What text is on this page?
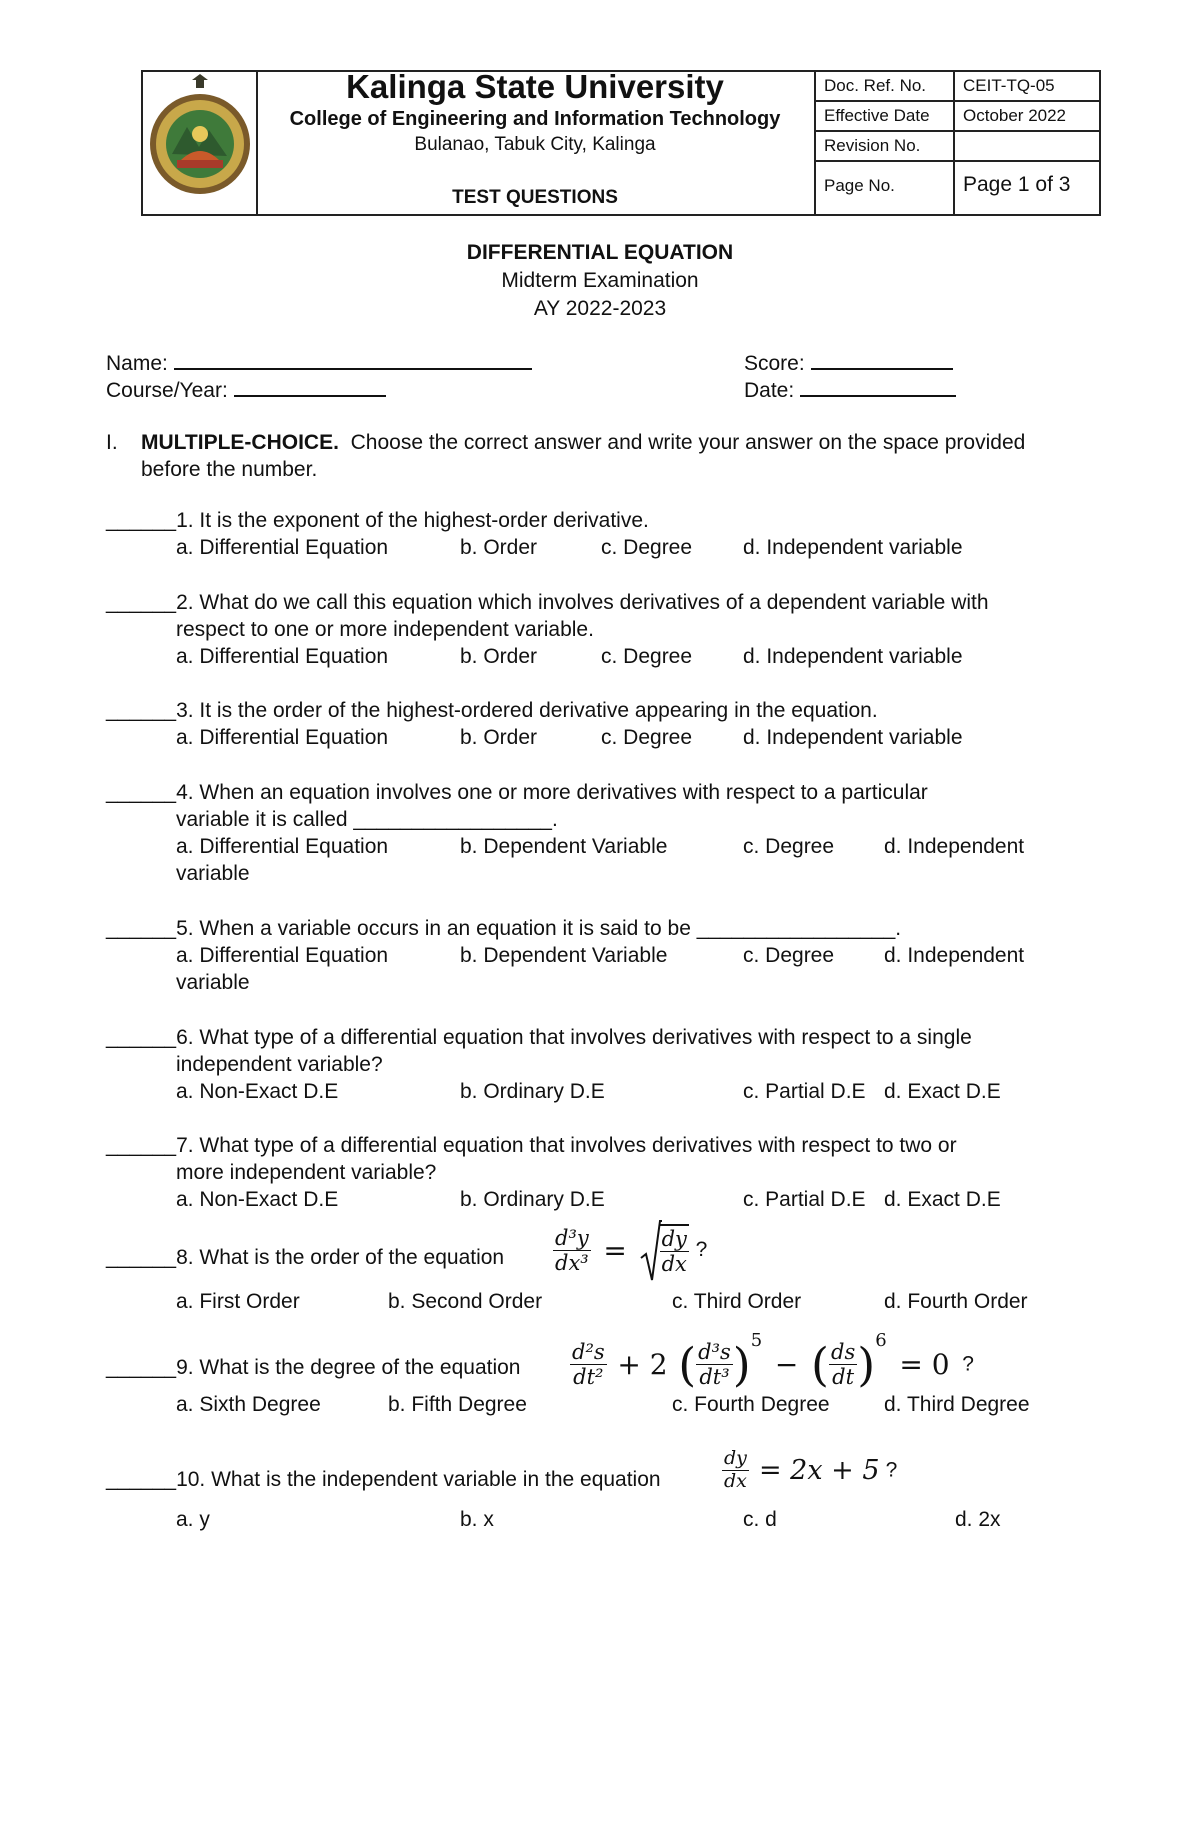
Kalinga State University
College of Engineering and Information Technology
Bulanao, Tabuk City, Kalinga
TEST QUESTIONS
Doc. Ref. No. CEIT-TQ-05
Effective Date October 2022
Revision No.
Page No.	Page 1 of 3
DIFFERENTIAL EQUATION
Midterm Examination
AY 2022-2023
Name:
Course/Year:
Score:
Date:
I. MULTIPLE-CHOICE. Choose the correct answer and write your answer on the space provided
before the number.
______1. It is the exponent of the highest-order derivative.
a. Differential Equation	b. Order	c. Degree d. Independent variable
______2. What do we call this equation which involves derivatives of a dependent variable with
respect to one or more independent variable.
a. Differential Equation	b. Order	c. Degree d. Independent variable
______3. It is the order of the highest-ordered derivative appearing in the equation.
a. Differential Equation	b. Order	c. Degree d. Independent variable
______4. When an equation involves one or more derivatives with respect to a particular
variable it is called _________________.
a. Differential Equation	b. Dependent Variable	c. Degree d. Independent
variable
______5. When a variable occurs in an equation it is said to be _________________.
a. Differential Equation	b. Dependent Variable	c. Degree d. Independent
variable
______6. What type of a differential equation that involves derivatives with respect to a single
independent variable?
a. Non-Exact D.E	b. Ordinary D.E	c. Partial D.E d. Exact D.E
______7. What type of a differential equation that involves derivatives with respect to two or
more independent variable?
a. Non-Exact D.E	b. Ordinary D.E	c. Partial D.E d. Exact D.E
______8. What is the order of the equation $\frac{\text{d³y}}{\text{dx³}} = \frac{dy}{dx}$ ?
a. First Order	b. Second Order	c. Third Order	d. Fourth Order
______9. What is the degree of the equation $\frac{\text{d²s}}{\text{dt²}} + 2$ ( $\frac{\text{d³s}}{\text{dt³}} )^5$ − ( $\frac{ds}{dt} )^6 = 0$ ?
a. Sixth Degree	b. Fifth Degree	c. Fourth Degree	d. Third Degree
______10. What is the independent variable in the equation	$\frac{dy}{dx} = 2x + 5$ ?
a. y	b. x	c. d	d. 2x
